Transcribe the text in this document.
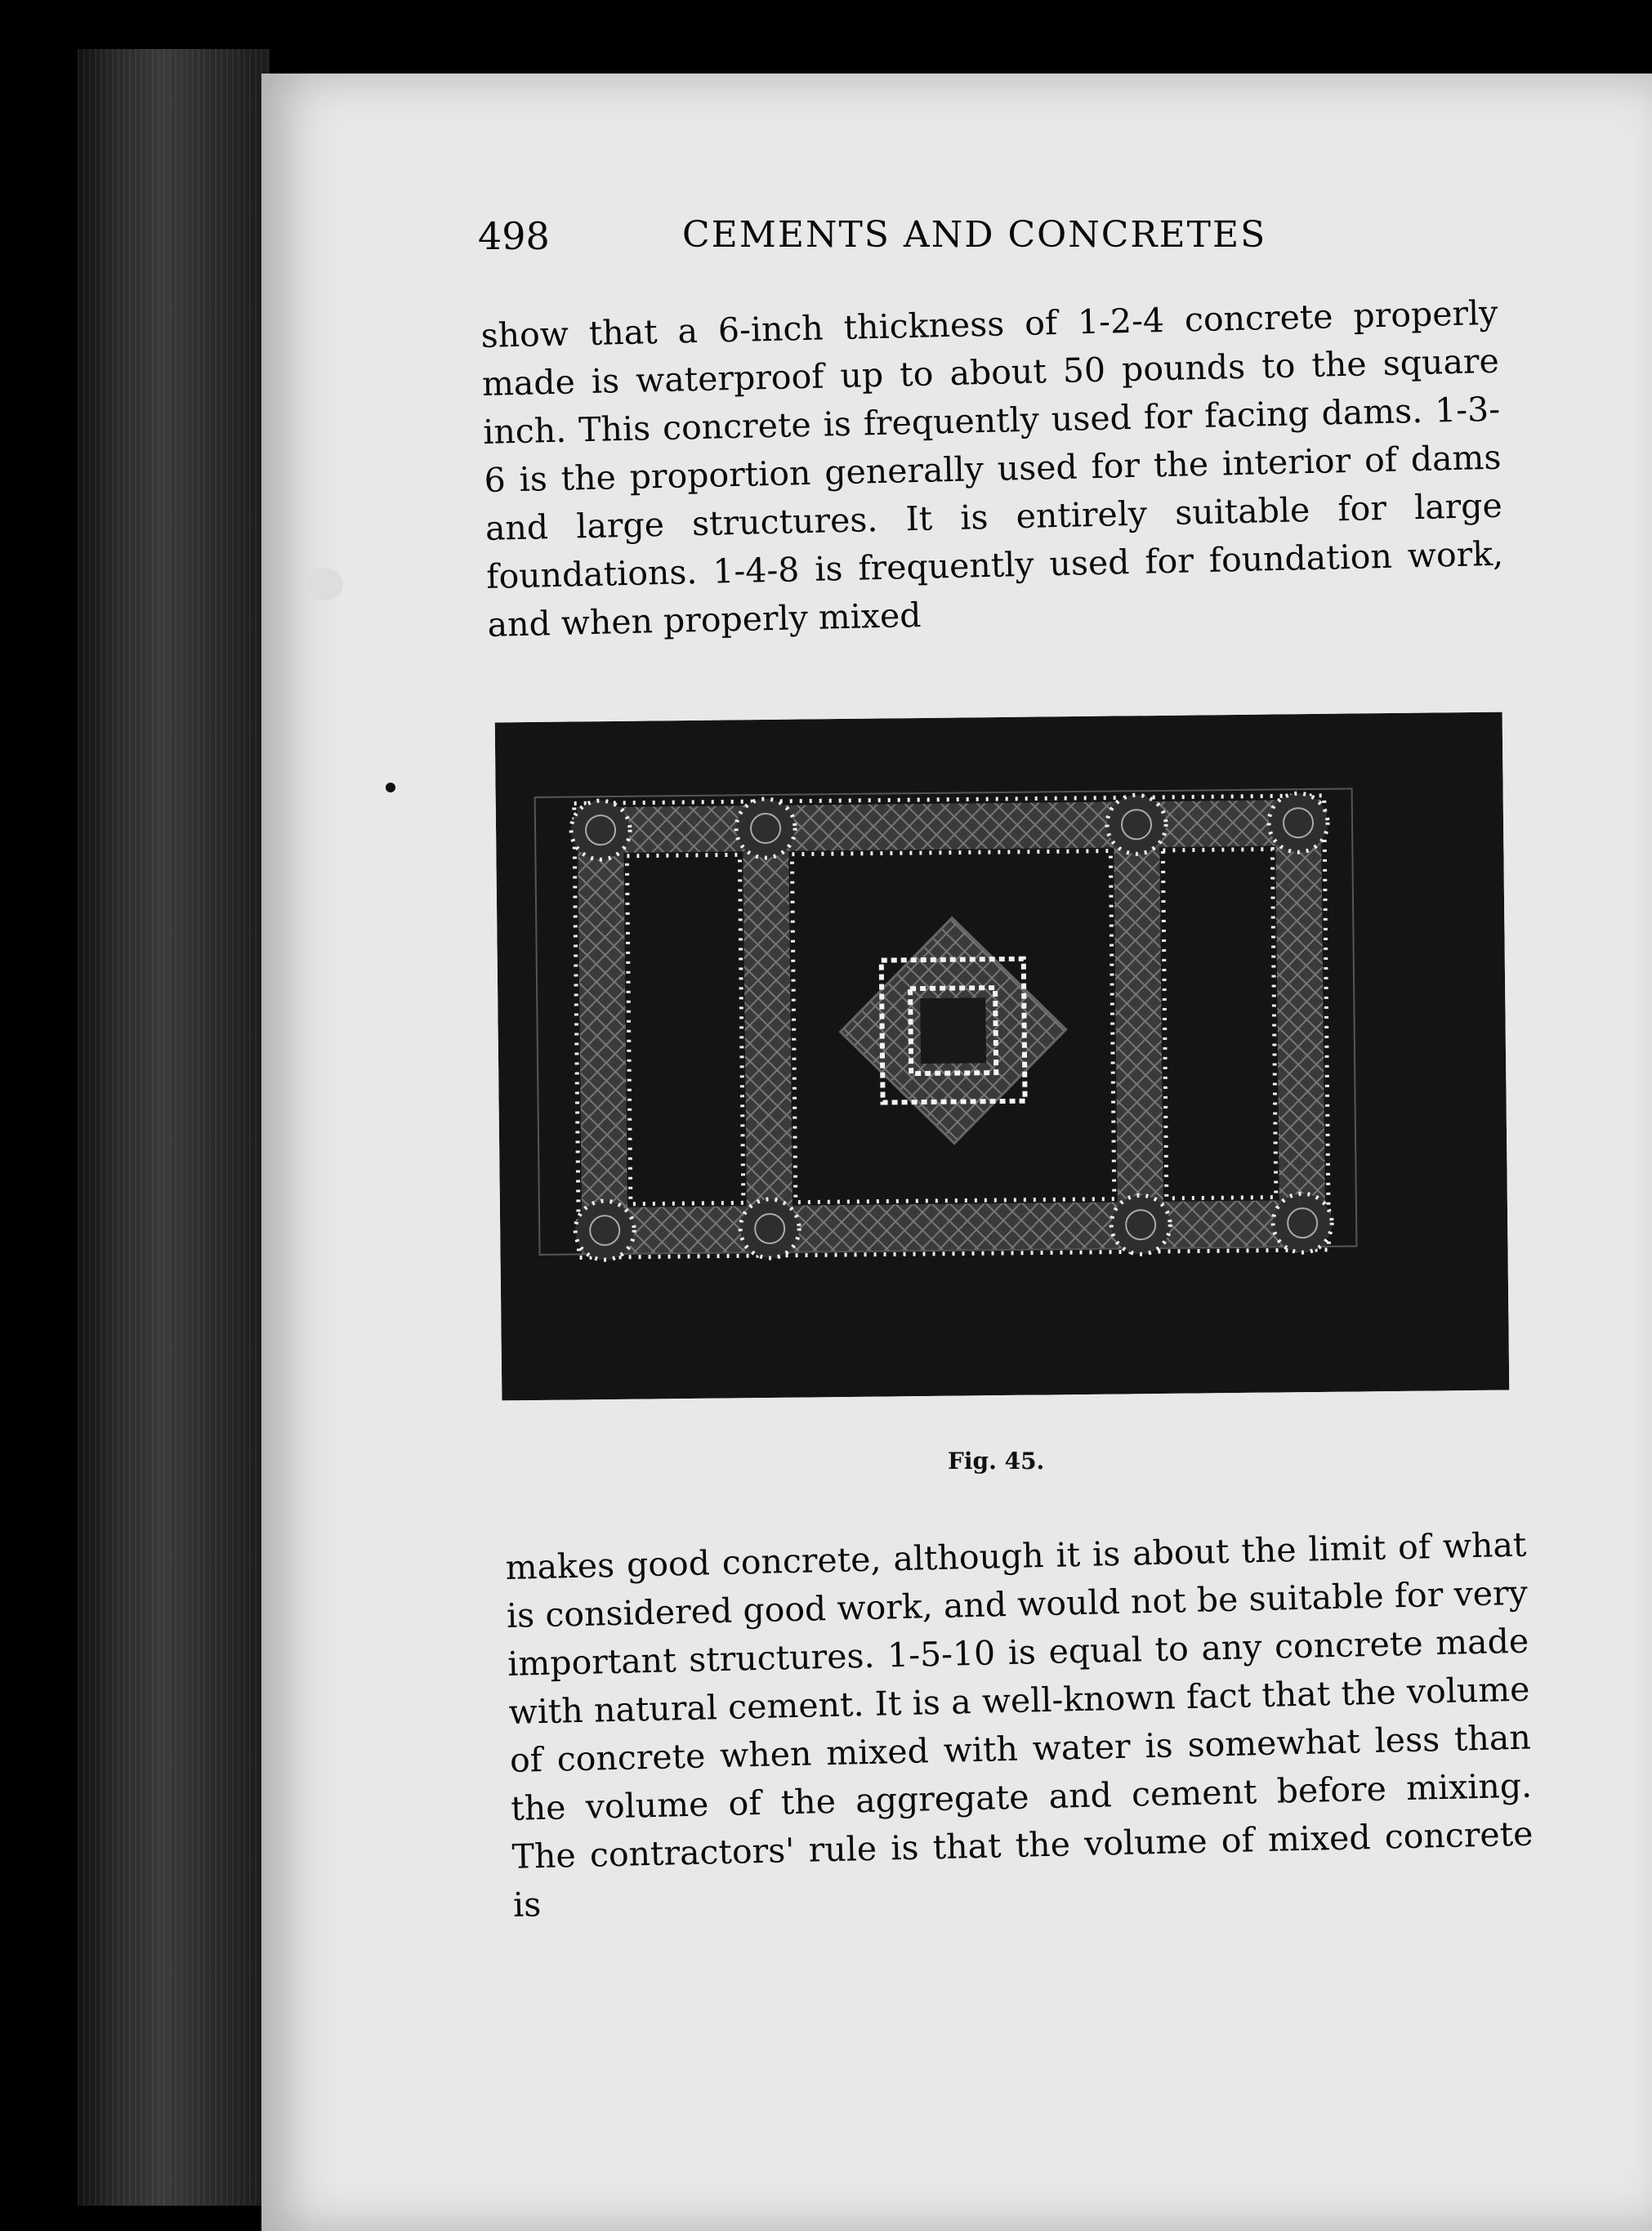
498	CEMENTS AND CONCRETES

show that a 6-inch thickness of 1-2-4 concrete properly made is waterproof up to about 50 pounds to the square inch. This concrete is frequently used for facing dams. 1-3-6 is the proportion generally used for the interior of dams and large structures. It is entirely suitable for large foundations. 1-4-8 is frequently used for foundation work, and when properly mixed

Fig. 45.

makes good concrete, although it is about the limit of what is considered good work, and would not be suitable for very important structures. 1-5-10 is equal to any concrete made with natural cement. It is a well-known fact that the volume of concrete when mixed with water is somewhat less than the volume of the aggregate and cement before mixing. The contractors' rule is that the volume of mixed concrete is
